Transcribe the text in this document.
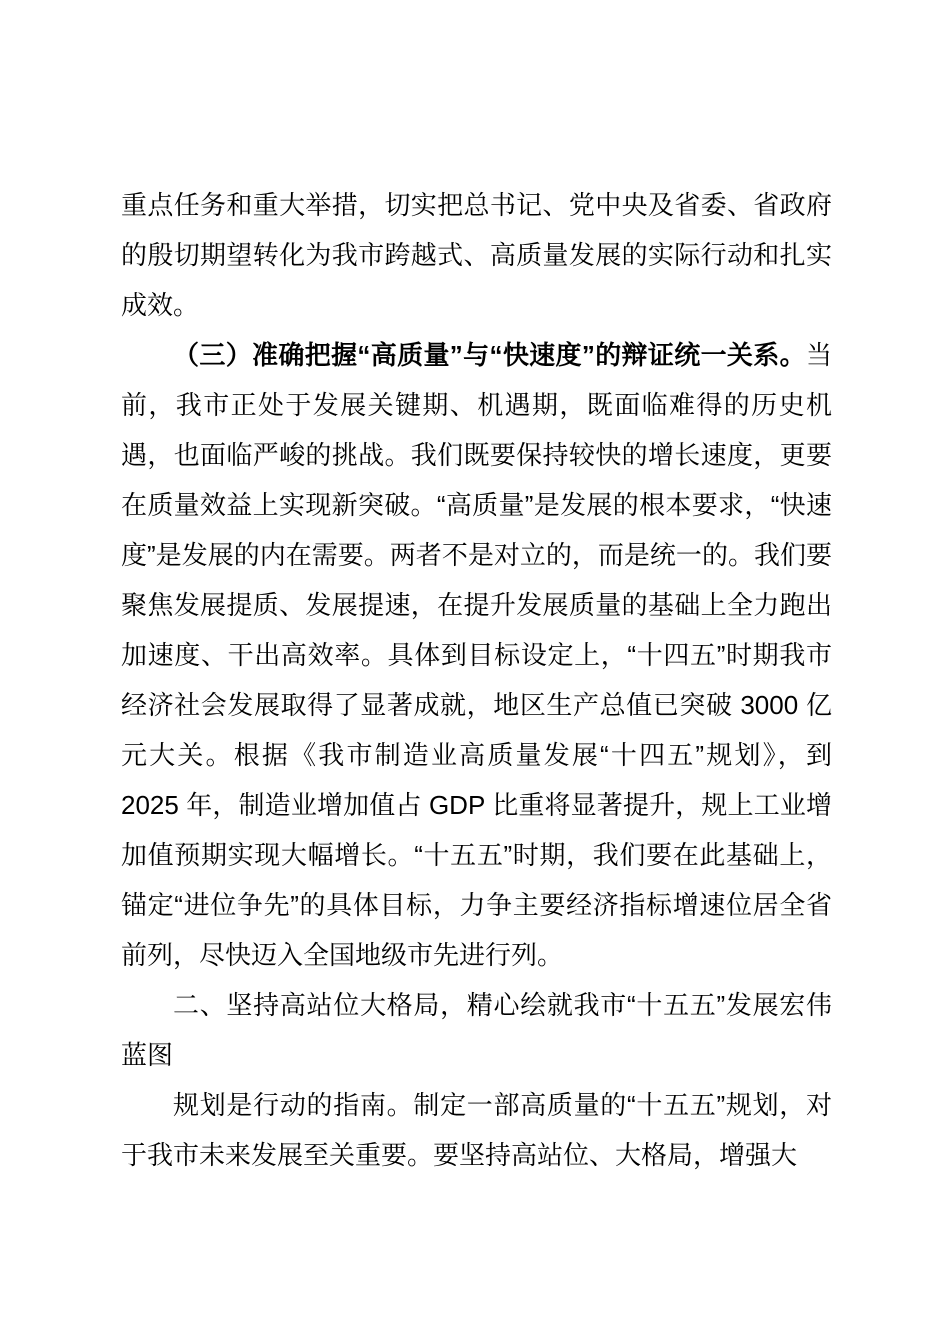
重点任务和重大举措，切实把总书记、党中央及省委、省政府的殷切期望转化为我市跨越式、高质量发展的实际行动和扎实成效。

（三）准确把握“高质量”与“快速度”的辩证统一关系。当前，我市正处于发展关键期、机遇期，既面临难得的历史机遇，也面临严峻的挑战。我们既要保持较快的增长速度，更要在质量效益上实现新突破。“高质量”是发展的根本要求，“快速度”是发展的内在需要。两者不是对立的，而是统一的。我们要聚焦发展提质、发展提速，在提升发展质量的基础上全力跑出加速度、干出高效率。具体到目标设定上，“十四五”时期我市经济社会发展取得了显著成就，地区生产总值已突破 3000 亿元大关。根据《我市制造业高质量发展“十四五”规划》，到 2025 年，制造业增加值占 GDP 比重将显著提升，规上工业增加值预期实现大幅增长。“十五五”时期，我们要在此基础上，锚定“进位争先”的具体目标，力争主要经济指标增速位居全省前列，尽快迈入全国地级市先进行列。

二、坚持高站位大格局，精心绘就我市“十五五”发展宏伟蓝图

规划是行动的指南。制定一部高质量的“十五五”规划，对于我市未来发展至关重要。要坚持高站位、大格局，增强大
